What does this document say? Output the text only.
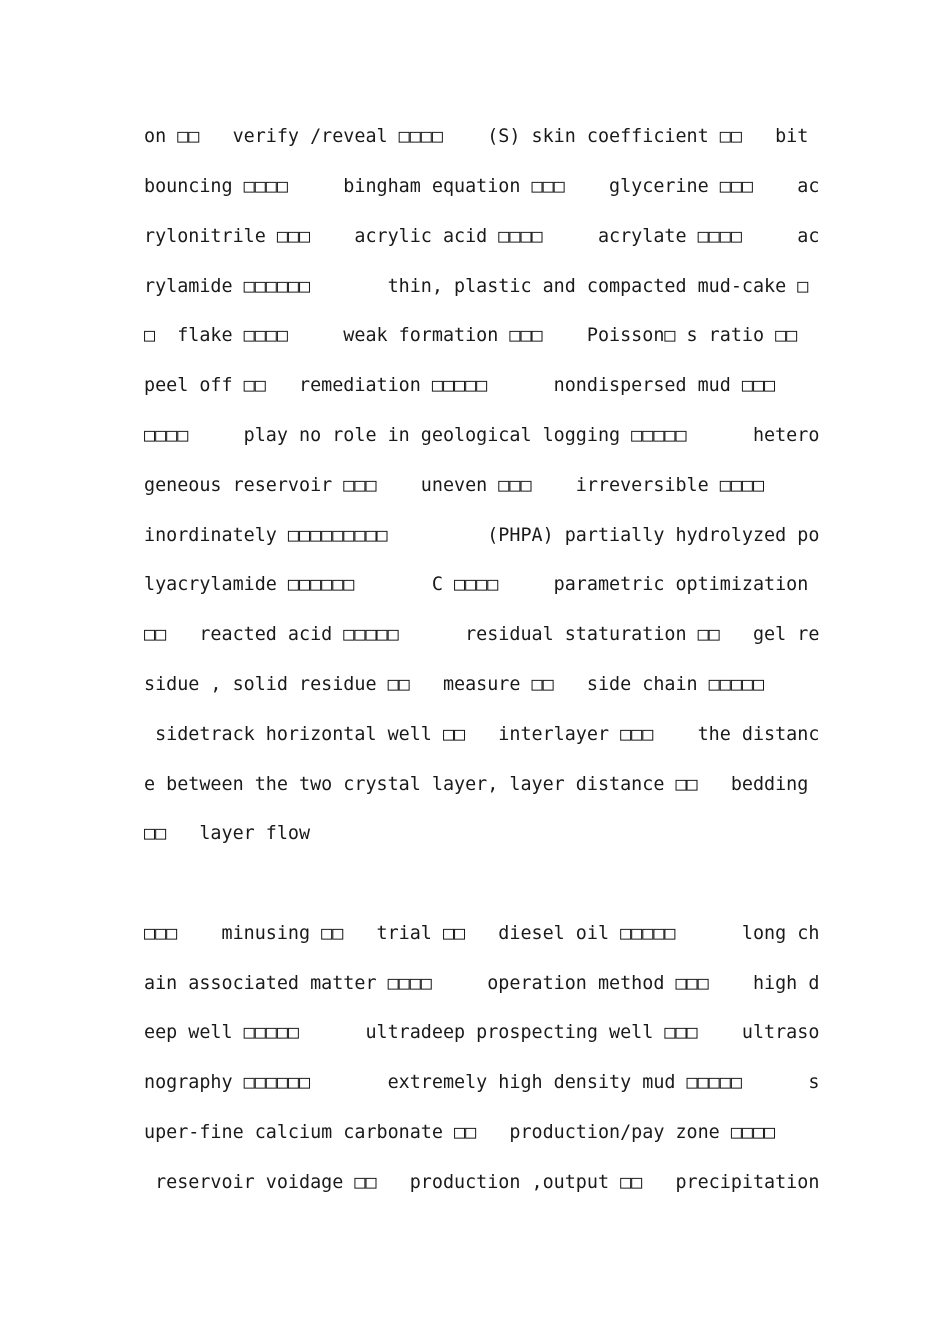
on □□   verify /reveal □□□□    (S) skin coefficient □□   bit
bouncing □□□□     bingham equation □□□    glycerine □□□    ac
rylonitrile □□□    acrylic acid □□□□     acrylate □□□□     ac
rylamide □□□□□□       thin, plastic and compacted mud-cake □
□  flake □□□□     weak formation □□□    Poisson□ s ratio □□
peel off □□   remediation □□□□□      nondispersed mud □□□
□□□□     play no role in geological logging □□□□□      hetero
geneous reservoir □□□    uneven □□□    irreversible □□□□
inordinately □□□□□□□□□         (PHPA) partially hydrolyzed po
lyacrylamide □□□□□□       C □□□□     parametric optimization
□□   reacted acid □□□□□      residual staturation □□   gel re
sidue , solid residue □□   measure □□   side chain □□□□□
sidetrack horizontal well □□   interlayer □□□    the distanc
e between the two crystal layer, layer distance □□   bedding
□□   layer flow
□□□    minusing □□   trial □□   diesel oil □□□□□      long ch
ain associated matter □□□□     operation method □□□    high d
eep well □□□□□      ultradeep prospecting well □□□    ultraso
nography □□□□□□       extremely high density mud □□□□□      s
uper-fine calcium carbonate □□   production/pay zone □□□□
reservoir voidage □□   production ,output □□   precipitation
